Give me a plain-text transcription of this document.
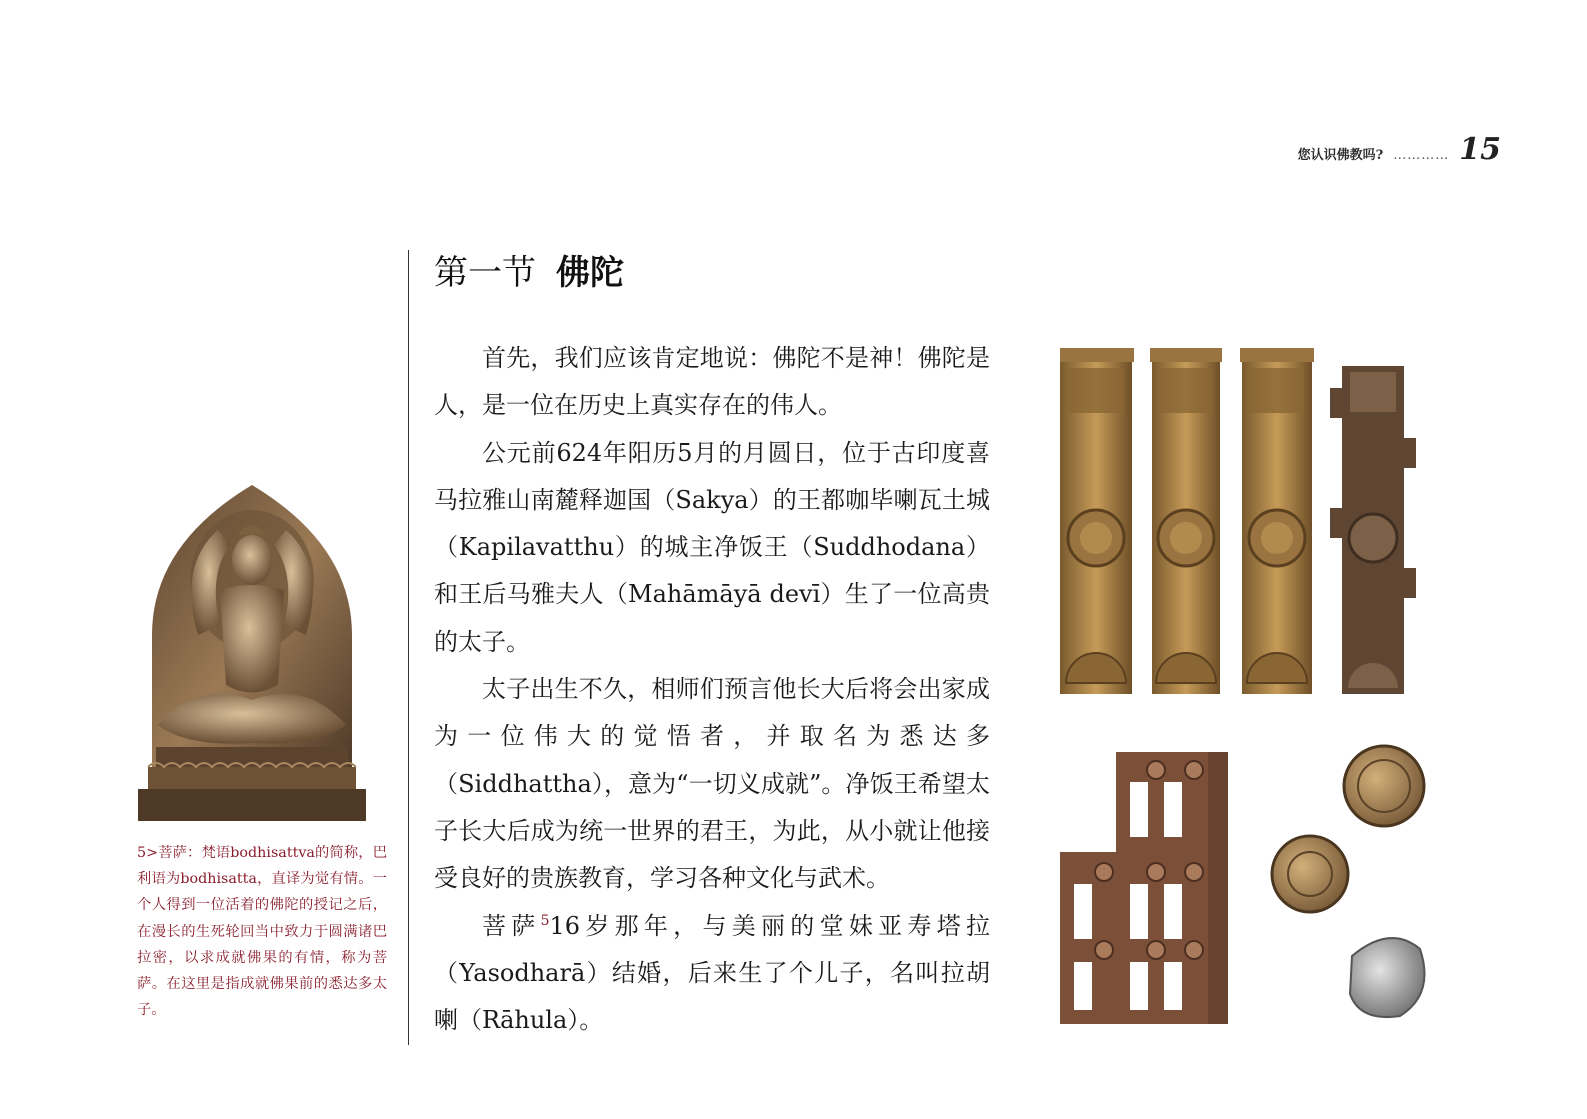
您认识佛教吗? ………… 15
5>菩萨：梵语bodhisattva的简称，巴利语为bodhisatta，直译为觉有情。一个人得到一位活着的佛陀的授记之后，在漫长的生死轮回当中致力于圆满诸巴拉密，以求成就佛果的有情，称为菩萨。在这里是指成就佛果前的悉达多太子。
第一节 佛陀

首先，我们应该肯定地说：佛陀不是神！佛陀是人，是一位在历史上真实存在的伟人。

公元前624年阳历5月的月圆日，位于古印度喜马拉雅山南麓释迦国（Sakya）的王都咖毕喇瓦土城（Kapilavatthu）的城主净饭王（Suddhodana）和王后马雅夫人（Mahāmāyā devī）生了一位高贵的太子。

太子出生不久，相师们预言他长大后将会出家成为一位伟大的觉悟者，并取名为悉达多（Siddhattha），意为“一切义成就”。净饭王希望太子长大后成为统一世界的君王，为此，从小就让他接受良好的贵族教育，学习各种文化与武术。

菩萨$^5$16岁那年，与美丽的堂妹亚寿塔拉（Yasodharā）结婚，后来生了个儿子，名叫拉胡喇（Rāhula）。
